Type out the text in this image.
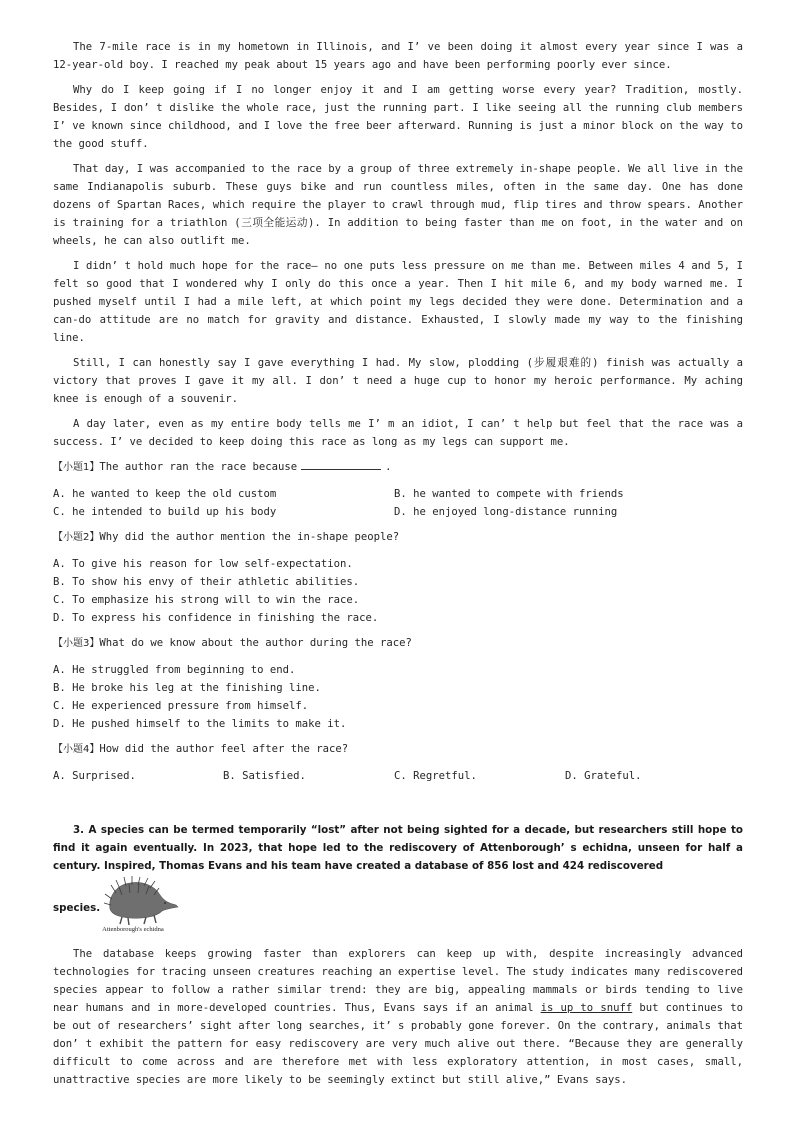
The 7-mile race is in my hometown in Illinois, and I’ ve been doing it almost every year since I was a 12-year-old boy. I reached my peak about 15 years ago and have been performing poorly ever since.

Why do I keep going if I no longer enjoy it and I am getting worse every year? Tradition, mostly. Besides, I don’ t dislike the whole race, just the running part. I like seeing all the running club members I’ ve known since childhood, and I love the free beer afterward. Running is just a minor block on the way to the good stuff.

That day, I was accompanied to the race by a group of three extremely in-shape people. We all live in the same Indianapolis suburb. These guys bike and run countless miles, often in the same day. One has done dozens of Spartan Races, which require the player to crawl through mud, flip tires and throw spears. Another is training for a triathlon (三项全能运动). In addition to being faster than me on foot, in the water and on wheels, he can also outlift me.

I didn’ t hold much hope for the race— no one puts less pressure on me than me. Between miles 4 and 5, I felt so good that I wondered why I only do this once a year. Then I hit mile 6, and my body warned me. I pushed myself until I had a mile left, at which point my legs decided they were done. Determination and a can-do attitude are no match for gravity and distance. Exhausted, I slowly made my way to the finishing line.

Still, I can honestly say I gave everything I had. My slow, plodding (步履艰难的) finish was actually a victory that proves I gave it my all. I don’ t need a huge cup to honor my heroic performance. My aching knee is enough of a souvenir.

A day later, even as my entire body tells me I’ m an idiot, I can’ t help but feel that the race was a success. I’ ve decided to keep doing this race as long as my legs can support me.

【小题1】The author ran the race because	.
A. he wanted to keep the old custom	B. he wanted to compete with friends
C. he intended to build up his body	D. he enjoyed long-distance running
【小题2】Why did the author mention the in-shape people?
A. To give his reason for low self-expectation.
B. To show his envy of their athletic abilities.
C. To emphasize his strong will to win the race.
D. To express his confidence in finishing the race.
【小题3】What do we know about the author during the race?
A. He struggled from beginning to end.
B. He broke his leg at the finishing line.
C. He experienced pressure from himself.
D. He pushed himself to the limits to make it.
【小题4】How did the author feel after the race?
A. Surprised.	B. Satisfied.	C. Regretful.	D. Grateful.

3. A species can be termed temporarily “lost” after not being sighted for a decade, but researchers still hope to find it again eventually. In 2023, that hope led to the rediscovery of Attenborough’ s echidna, unseen for half a century. Inspired, Thomas Evans and his team have created a database of 856 lost and 424 rediscovered

species.
Attenborough's echidna

The database keeps growing faster than explorers can keep up with, despite increasingly advanced technologies for tracing unseen creatures reaching an expertise level. The study indicates many rediscovered species appear to follow a rather similar trend: they are big, appealing mammals or birds tending to live near humans and in more-developed countries. Thus, Evans says if an animal is up to snuff but continues to be out of researchers’ sight after long searches, it’ s probably gone forever. On the contrary, animals that don’ t exhibit the pattern for easy rediscovery are very much alive out there. “Because they are generally difficult to come across and are therefore met with less exploratory attention, in most cases, small, unattractive species are more likely to be seemingly extinct but still alive,” Evans says.
